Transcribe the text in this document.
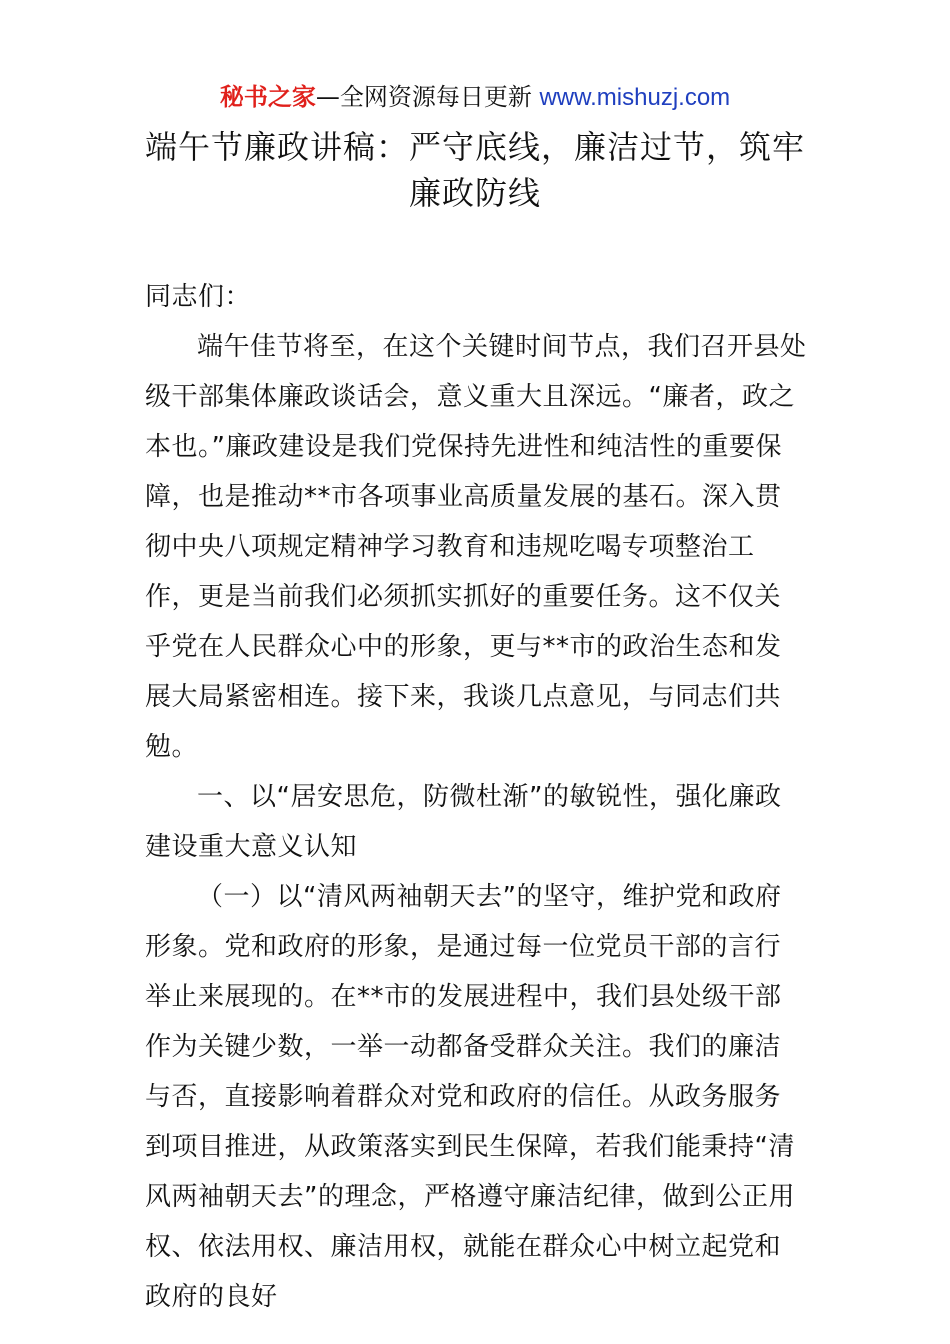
秘书之家—全网资源每日更新 www.mishuzj.com
端午节廉政讲稿：严守底线，廉洁过节，筑牢廉政防线

同志们：

端午佳节将至，在这个关键时间节点，我们召开县处级干部集体廉政谈话会，意义重大且深远。“廉者，政之本也。”廉政建设是我们党保持先进性和纯洁性的重要保障，也是推动**市各项事业高质量发展的基石。深入贯彻中央八项规定精神学习教育和违规吃喝专项整治工作，更是当前我们必须抓实抓好的重要任务。这不仅关乎党在人民群众心中的形象，更与**市的政治生态和发展大局紧密相连。接下来，我谈几点意见，与同志们共勉。

一、以“居安思危，防微杜渐”的敏锐性，强化廉政建设重大意义认知

（一）以“清风两袖朝天去”的坚守，维护党和政府形象。党和政府的形象，是通过每一位党员干部的言行举止来展现的。在**市的发展进程中，我们县处级干部作为关键少数，一举一动都备受群众关注。我们的廉洁与否，直接影响着群众对党和政府的信任。从政务服务到项目推进，从政策落实到民生保障，若我们能秉持“清风两袖朝天去”的理念，严格遵守廉洁纪律，做到公正用权、依法用权、廉洁用权，就能在群众心中树立起党和政府的良好
